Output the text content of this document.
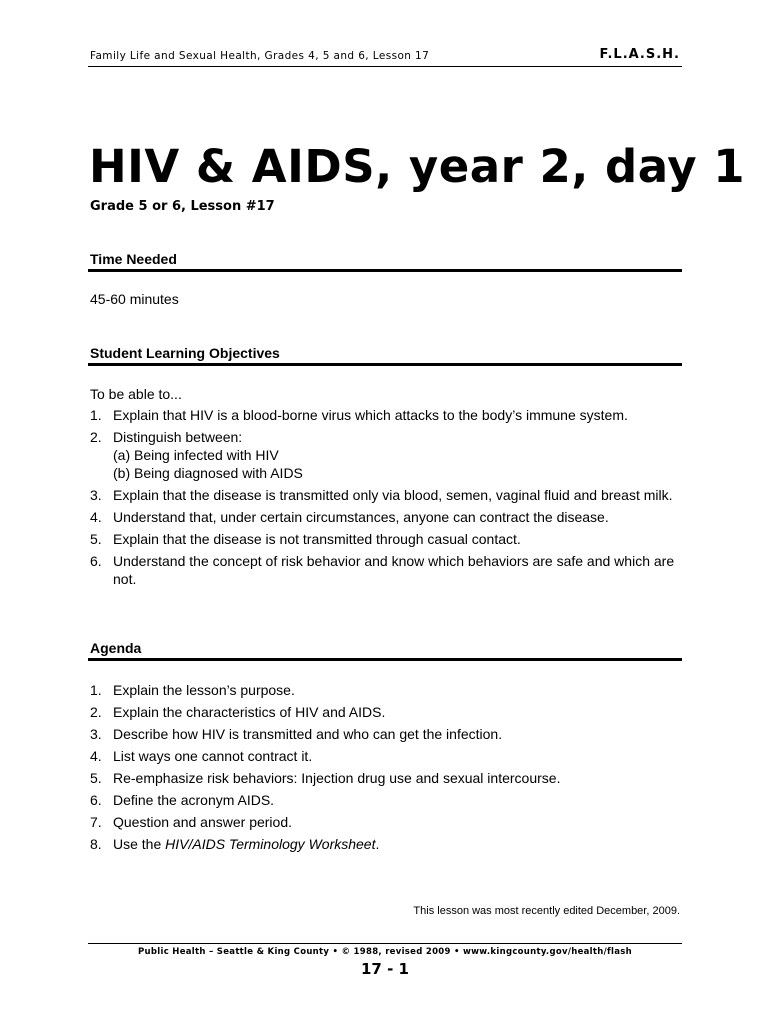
Family Life and Sexual Health, Grades 4, 5 and 6, Lesson 17	F.L.A.S.H.
HIV & AIDS, year 2, day 1
Grade 5 or 6, Lesson #17
Time Needed
45-60 minutes
Student Learning Objectives
To be able to...
1. Explain that HIV is a blood-borne virus which attacks to the body’s immune system.
2. Distinguish between:
(a) Being infected with HIV
(b) Being diagnosed with AIDS
3. Explain that the disease is transmitted only via blood, semen, vaginal fluid and breast milk.
4. Understand that, under certain circumstances, anyone can contract the disease.
5. Explain that the disease is not transmitted through casual contact.
6. Understand the concept of risk behavior and know which behaviors are safe and which are not.
Agenda
1. Explain the lesson’s purpose.
2. Explain the characteristics of HIV and AIDS.
3. Describe how HIV is transmitted and who can get the infection.
4. List ways one cannot contract it.
5. Re-emphasize risk behaviors: Injection drug use and sexual intercourse.
6. Define the acronym AIDS.
7. Question and answer period.
8. Use the HIV/AIDS Terminology Worksheet.
This lesson was most recently edited December, 2009.
Public Health – Seattle & King County • © 1988, revised 2009 • www.kingcounty.gov/health/flash
17 - 1
